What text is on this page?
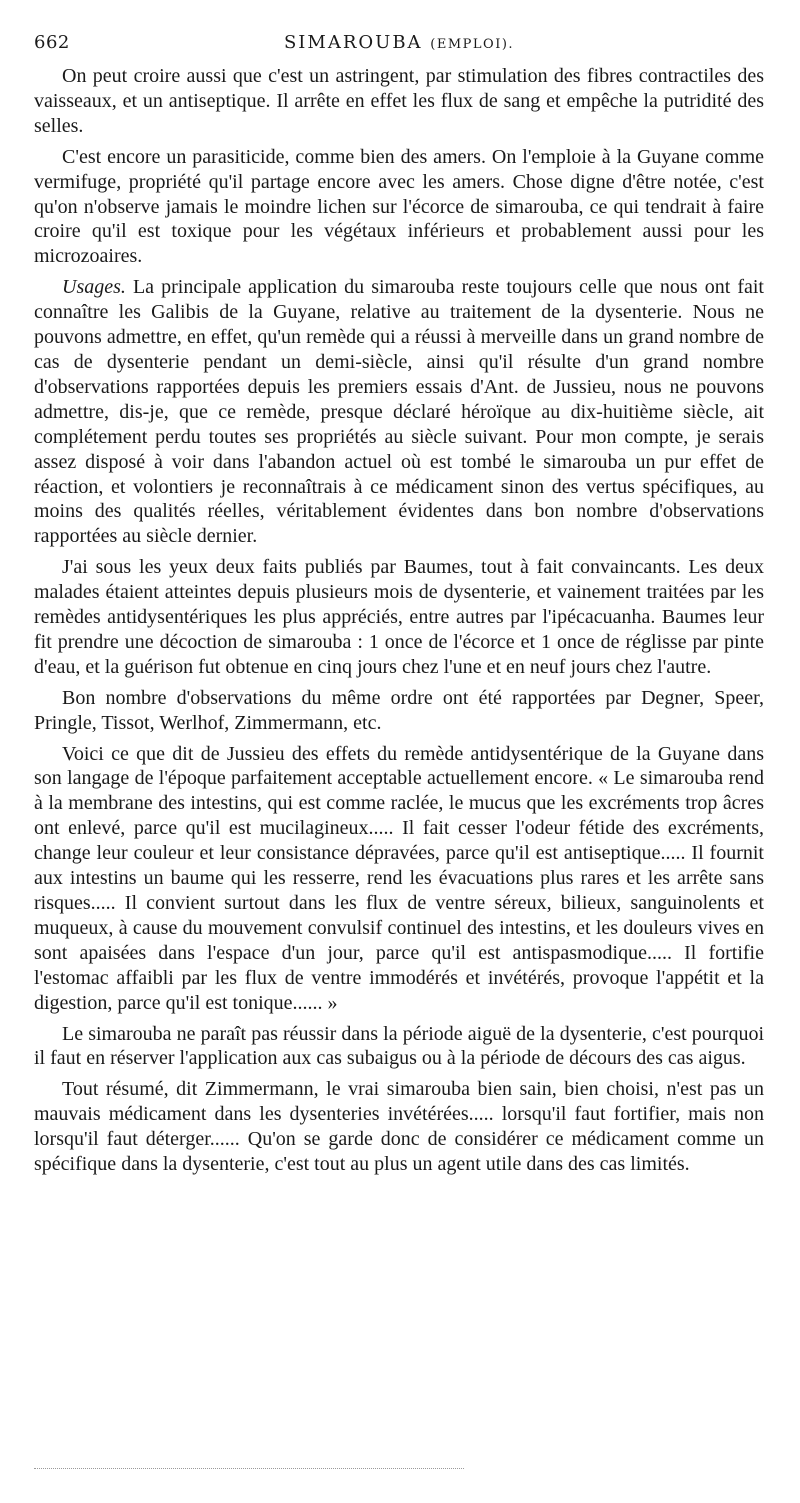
662	SIMAROUBA (EMPLOI).

On peut croire aussi que c'est un astringent, par stimulation des fibres contractiles des vaisseaux, et un antiseptique. Il arrête en effet les flux de sang et empêche la putridité des selles.

C'est encore un parasiticide, comme bien des amers. On l'emploie à la Guyane comme vermifuge, propriété qu'il partage encore avec les amers. Chose digne d'être notée, c'est qu'on n'observe jamais le moindre lichen sur l'écorce de simarouba, ce qui tendrait à faire croire qu'il est toxique pour les végétaux inférieurs et probablement aussi pour les microzoaires.

Usages. La principale application du simarouba reste toujours celle que nous ont fait connaître les Galibis de la Guyane, relative au traitement de la dysenterie. Nous ne pouvons admettre, en effet, qu'un remède qui a réussi à merveille dans un grand nombre de cas de dysenterie pendant un demi-siècle, ainsi qu'il résulte d'un grand nombre d'observations rapportées depuis les premiers essais d'Ant. de Jussieu, nous ne pouvons admettre, dis-je, que ce remède, presque déclaré héroïque au dix-huitième siècle, ait complétement perdu toutes ses propriétés au siècle suivant. Pour mon compte, je serais assez disposé à voir dans l'abandon actuel où est tombé le simarouba un pur effet de réaction, et volontiers je reconnaîtrais à ce médicament sinon des vertus spécifiques, au moins des qualités réelles, véritablement évidentes dans bon nombre d'observations rapportées au siècle dernier.

J'ai sous les yeux deux faits publiés par Baumes, tout à fait convaincants. Les deux malades étaient atteintes depuis plusieurs mois de dysenterie, et vainement traitées par les remèdes antidysentériques les plus appréciés, entre autres par l'ipécacuanha. Baumes leur fit prendre une décoction de simarouba : 1 once de l'écorce et 1 once de réglisse par pinte d'eau, et la guérison fut obtenue en cinq jours chez l'une et en neuf jours chez l'autre.

Bon nombre d'observations du même ordre ont été rapportées par Degner, Speer, Pringle, Tissot, Werlhof, Zimmermann, etc.

Voici ce que dit de Jussieu des effets du remède antidysentérique de la Guyane dans son langage de l'époque parfaitement acceptable actuellement encore. « Le simarouba rend à la membrane des intestins, qui est comme raclée, le mucus que les excréments trop âcres ont enlevé, parce qu'il est mucilagineux..... Il fait cesser l'odeur fétide des excréments, change leur couleur et leur consistance dépravées, parce qu'il est antiseptique..... Il fournit aux intestins un baume qui les resserre, rend les évacuations plus rares et les arrête sans risques..... Il convient surtout dans les flux de ventre séreux, bilieux, sanguinolents et muqueux, à cause du mouvement convulsif continuel des intestins, et les douleurs vives en sont apaisées dans l'espace d'un jour, parce qu'il est antispasmodique..... Il fortifie l'estomac affaibli par les flux de ventre immodérés et invétérés, provoque l'appétit et la digestion, parce qu'il est tonique...... »

Le simarouba ne paraît pas réussir dans la période aiguë de la dysenterie, c'est pourquoi il faut en réserver l'application aux cas subaigus ou à la période de décours des cas aigus.

Tout résumé, dit Zimmermann, le vrai simarouba bien sain, bien choisi, n'est pas un mauvais médicament dans les dysenteries invétérées..... lorsqu'il faut fortifier, mais non lorsqu'il faut déterger...... Qu'on se garde donc de considérer ce médicament comme un spécifique dans la dysenterie, c'est tout au plus un agent utile dans des cas limités.
